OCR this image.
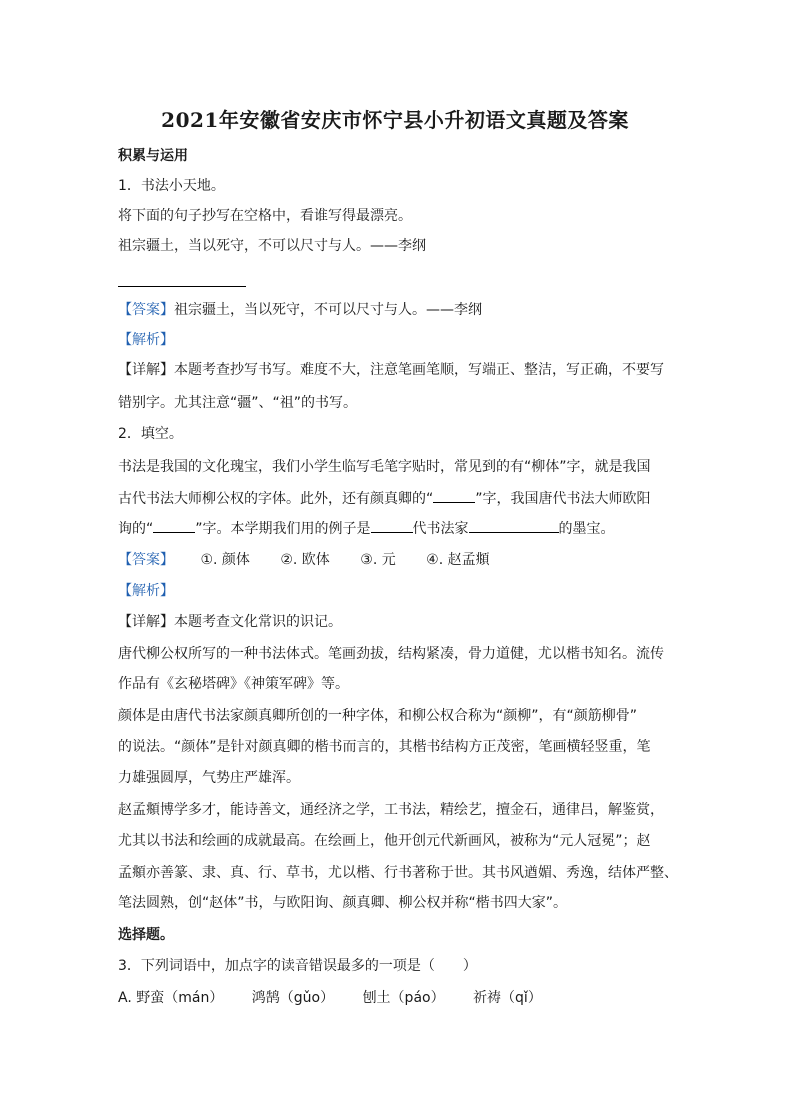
2021年安徽省安庆市怀宁县小升初语文真题及答案
积累与运用
1．书法小天地。
将下面的句子抄写在空格中，看谁写得最漂亮。
祖宗疆土，当以死守，不可以尺寸与人。——李纲
【答案】祖宗疆土，当以死守，不可以尺寸与人。——李纲
【解析】
【详解】本题考查抄写书写。难度不大，注意笔画笔顺，写端正、整洁，写正确，不要写
错别字。尤其注意“疆”、“祖”的书写。
2．填空。
书法是我国的文化瑰宝，我们小学生临写毛笔字贴时，常见到的有“柳体”字，就是我国
古代书法大师柳公权的字体。此外，还有颜真卿的“	”字，我国唐代书法大师欧阳
询的“	”字。本学期我们用的例子是	代书法家	的墨宝。
【答案】 ①. 颜体 ②. 欧体 ③. 元 ④. 赵孟頫
【解析】
【详解】本题考查文化常识的识记。
唐代柳公权所写的一种书法体式。笔画劲拔，结构紧凑，骨力道健，尤以楷书知名。流传
作品有《玄秘塔碑》《神策军碑》等。
颜体是由唐代书法家颜真卿所创的一种字体，和柳公权合称为“颜柳”，有“颜筋柳骨”
的说法。“颜体”是针对颜真卿的楷书而言的，其楷书结构方正茂密，笔画横轻竖重，笔
力雄强圆厚，气势庄严雄浑。
赵孟頫博学多才，能诗善文，通经济之学，工书法，精绘艺，擅金石，通律吕，解鉴赏，
尤其以书法和绘画的成就最高。在绘画上，他开创元代新画风，被称为“元人冠冕”；赵
孟頫亦善篆、隶、真、行、草书，尤以楷、行书著称于世。其书风遒媚、秀逸，结体严整、
笔法圆熟，创“赵体”书，与欧阳询、颜真卿、柳公权并称“楷书四大家”。
选择题。
3．下列词语中，加点字的读音错误最多的一项是（　　）
A. 野蛮（mán） 鸿鹄（gǔo） 刨土（páo） 祈祷（qǐ）
